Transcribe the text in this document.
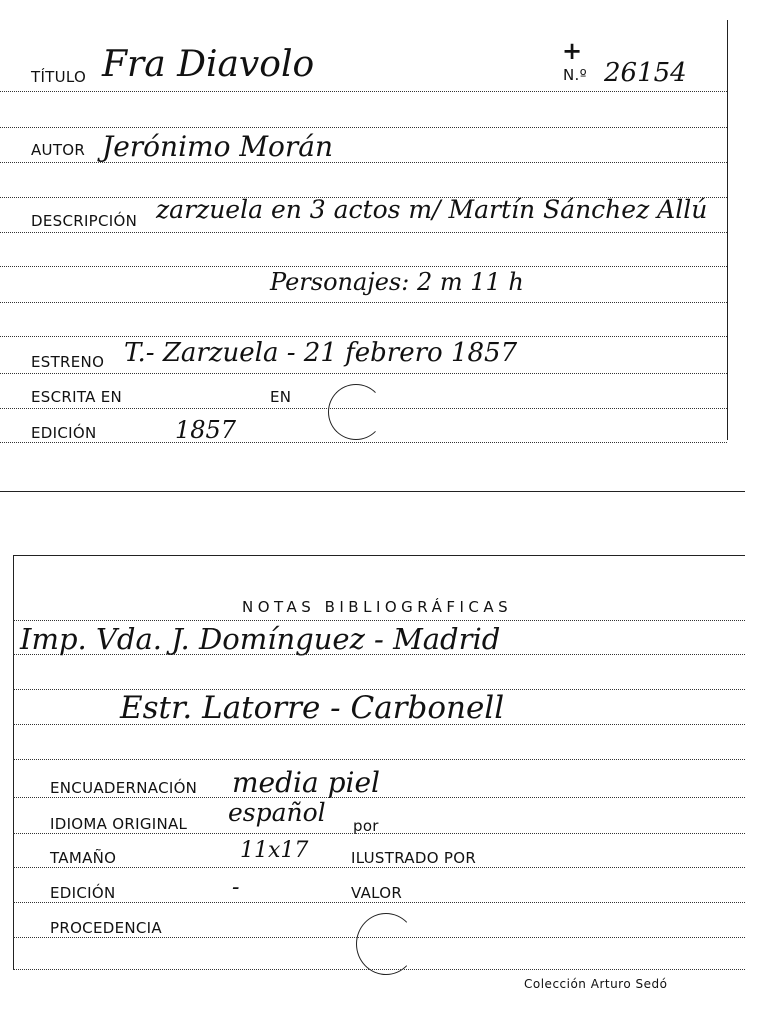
TÍTULO Fra Diavolo	+
N.º 26154
AUTOR Jerónimo Morán
DESCRIPCIÓN zarzuela en 3 actos m/ Martín Sánchez Allú
Personajes: 2 m 11 h
ESTRENO T.- Zarzuela - 21 febrero 1857
ESCRITA EN	EN
EDICIÓN	1857
NOTAS BIBLIOGRÁFICAS
Imp. Vda. J. Domínguez - Madrid
Estr. Latorre - Carbonell
ENCUADERNACIÓN media piel
IDIOMA ORIGINAL español por
TAMAÑO	11x17	ILUSTRADO POR
EDICIÓN	-	VALOR
PROCEDENCIA
Colección Arturo Sedó
